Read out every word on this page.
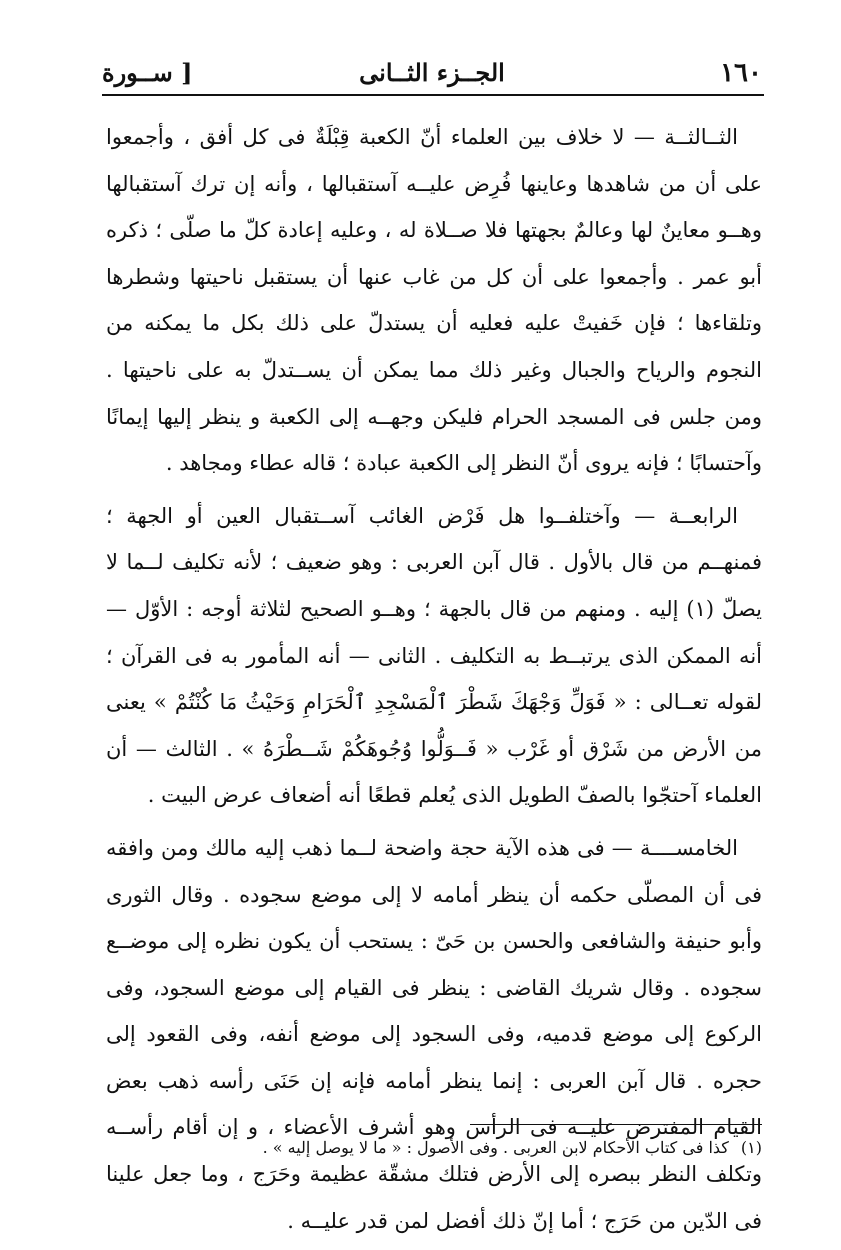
١٦٠
الجــزء الثــانى
[ ســورة

الثــالثــة — لا خلاف بين العلماء أنّ الكعبة قِبْلَةٌ فى كل أفق ، وأجمعوا على أن من شاهدها وعاينها فُرِض عليــه آستقبالها ، وأنه إن ترك آستقبالها وهــو معاينٌ لها وعالمٌ بجهتها فلا صــلاة له ، وعليه إعادة كلّ ما صلّى ؛ ذكره أبو عمر . وأجمعوا على أن كل من غاب عنها أن يستقبل ناحيتها وشطرها وتلقاءها ؛ فإن خَفيتْ عليه فعليه أن يستدلّ على ذلك بكل ما يمكنه من النجوم والرياح والجبال وغير ذلك مما يمكن أن يســتدلّ به على ناحيتها . ومن جلس فى المسجد الحرام فليكن وجهــه إلى الكعبة و ينظر إليها إيمانًا وآحتسابًا ؛ فإنه يروى أنّ النظر إلى الكعبة عبادة ؛ قاله عطاء ومجاهد .

الرابعــة — وآختلفــوا هل فَرْض الغائب آســتقبال العين أو الجهة ؛ فمنهــم من قال بالأول . قال آبن العربى : وهو ضعيف ؛ لأنه تكليف لــما لا يصلّ (١) إليه . ومنهم من قال بالجهة ؛ وهــو الصحيح لثلاثة أوجه : الأوّل — أنه الممكن الذى يرتبــط به التكليف . الثانى — أنه المأمور به فى القرآن ؛ لقوله تعــالى : « فَوَلِّ وَجْهَكَ شَطْرَ ٱلْمَسْجِدِ ٱلْحَرَامِ وَحَيْثُ مَا كُنْتُمْ » يعنى من الأرض من شَرْق أو غَرْب « فَــوَلُّوا وُجُوهَكُمْ شَــطْرَهُ » . الثالث — أن العلماء آحتجّوا بالصفّ الطويل الذى يُعلم قطعًا أنه أضعاف عرض البيت .

الخامســــة — فى هذه الآية حجة واضحة لــما ذهب إليه مالك ومن وافقه فى أن المصلّى حكمه أن ينظر أمامه لا إلى موضع سجوده . وقال الثورى وأبو حنيفة والشافعى والحسن بن حَىّ : يستحب أن يكون نظره إلى موضــع سجوده . وقال شريك القاضى : ينظر فى القيام إلى موضع السجود، وفى الركوع إلى موضع قدميه، وفى السجود إلى موضع أنفه، وفى القعود إلى حجره . قال آبن العربى : إنما ينظر أمامه فإنه إن حَنَى رأسه ذهب بعض القيام المفترض عليــه فى الرأس وهو أشرف الأعضاء ، و إن أقام رأســه وتكلف النظر ببصره إلى الأرض فتلك مشقّة عظيمة وحَرَج ، وما جعل علينا فى الدّين من حَرَج ؛ أما إنّ ذلك أفضل لمن قدر عليــه .

(١)كذا فى كتاب الأحكام لابن العربى . وفى الأصول : « ما لا يوصل إليه » .
